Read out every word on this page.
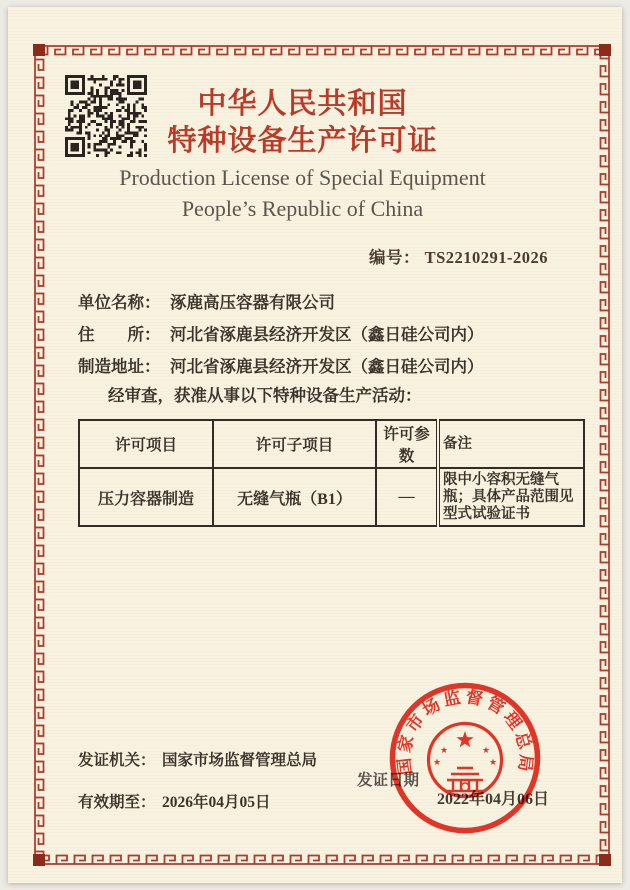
中华人民共和国
特种设备生产许可证
Production License of Special Equipment
People’s Republic of China
编号： TS2210291-2026
单位名称： 涿鹿高压容器有限公司
住　　所： 河北省涿鹿县经济开发区（鑫日硅公司内）
制造地址： 河北省涿鹿县经济开发区（鑫日硅公司内）
经审查，获准从事以下特种设备生产活动：
许可项目	许可子项目	许可参数	备注
压力容器制造	无缝气瓶（B1）	—	限中小容积无缝气瓶；具体产品范围见型式试验证书
发证机关： 国家市场监督管理总局
有效期至： 2026年04月05日
发证日期
2022年04月06日
国家市场监督管理总局
★
★
★
★
